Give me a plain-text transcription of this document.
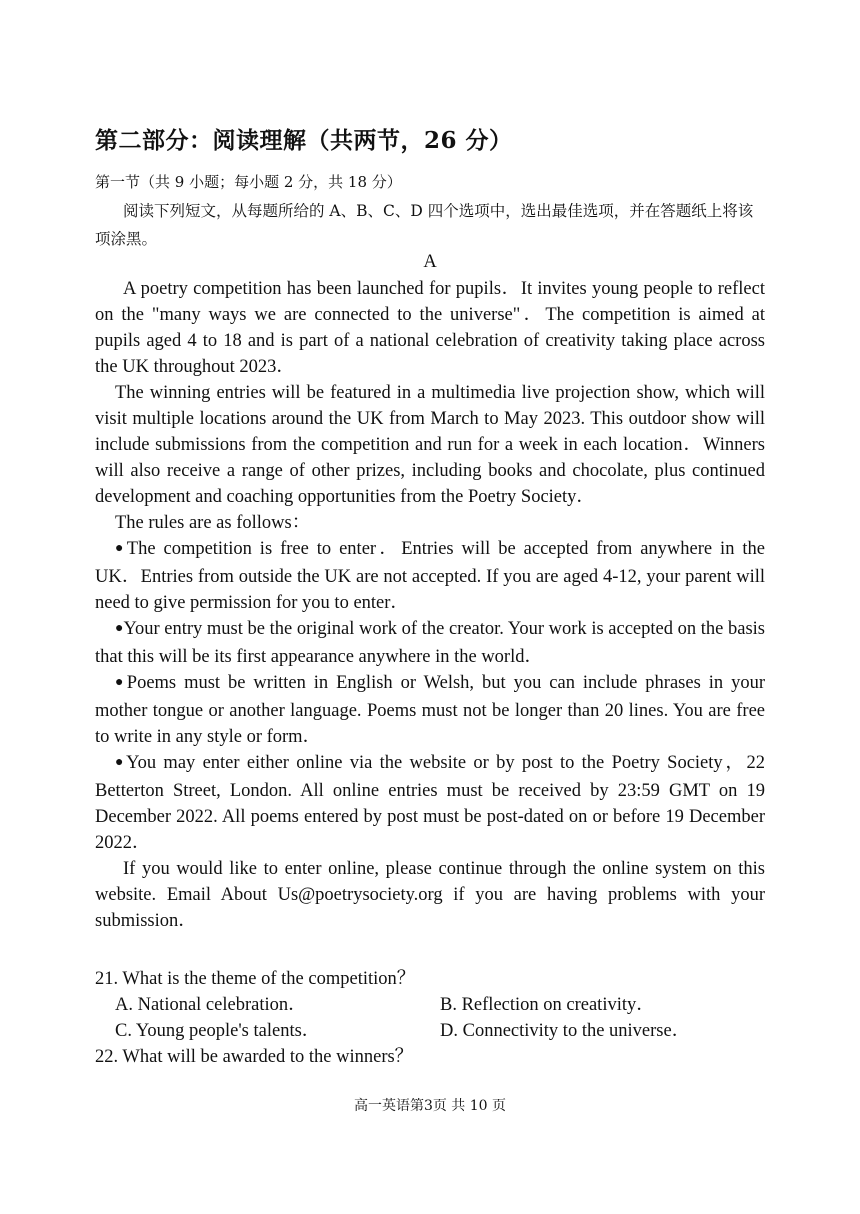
第二部分：阅读理解（共两节，26 分）
第一节（共 9 小题；每小题 2 分，共 18 分）
阅读下列短文，从每题所给的 A、B、C、D 四个选项中，选出最佳选项，并在答题纸上将该项涂黑。
A

A poetry competition has been launched for pupils．It invites young people to reflect on the "many ways we are connected to the universe"．The competition is aimed at pupils aged 4 to 18 and is part of a national celebration of creativity taking place across the UK throughout 2023．

The winning entries will be featured in a multimedia live projection show, which will visit multiple locations around the UK from March to May 2023. This outdoor show will include submissions from the competition and run for a week in each location．Winners will also receive a range of other prizes, including books and chocolate, plus continued development and coaching opportunities from the Poetry Society．

The rules are as follows：

●The competition is free to enter．Entries will be accepted from anywhere in the UK．Entries from outside the UK are not accepted. If you are aged 4-12, your parent will need to give permission for you to enter．

●Your entry must be the original work of the creator. Your work is accepted on the basis that this will be its first appearance anywhere in the world．

●Poems must be written in English or Welsh, but you can include phrases in your mother tongue or another language. Poems must not be longer than 20 lines. You are free to write in any style or form．

●You may enter either online via the website or by post to the Poetry Society，22 Betterton Street, London. All online entries must be received by 23:59 GMT on 19 December 2022. All poems entered by post must be post-dated on or before 19 December 2022．

If you would like to enter online, please continue through the online system on this website. Email About Us@poetrysociety.org if you are having problems with your submission．

21. What is the theme of the competition？
A. National celebration．	B. Reflection on creativity．
C. Young people's talents．	D. Connectivity to the universe．
22. What will be awarded to the winners？
高一英语第3页 共 10 页
